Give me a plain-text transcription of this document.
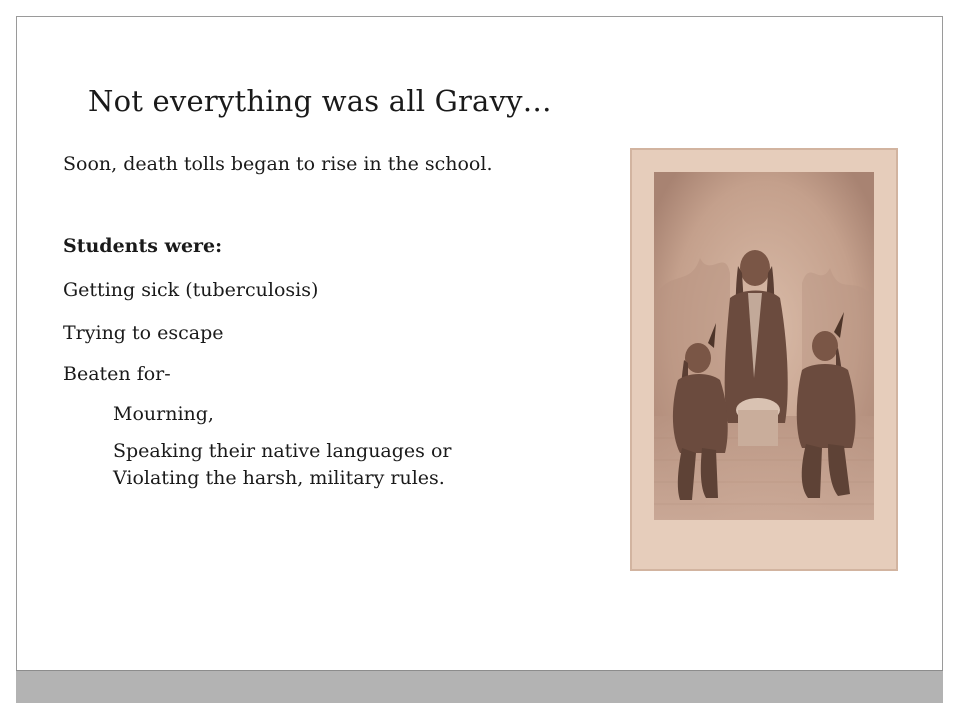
Not everything was all Gravy…
Soon, death tolls began to rise in the school.
Students were:
Getting sick (tuberculosis)
Trying to escape
Beaten for-
Mourning,
Speaking their native languages or
Violating the harsh, military rules.
